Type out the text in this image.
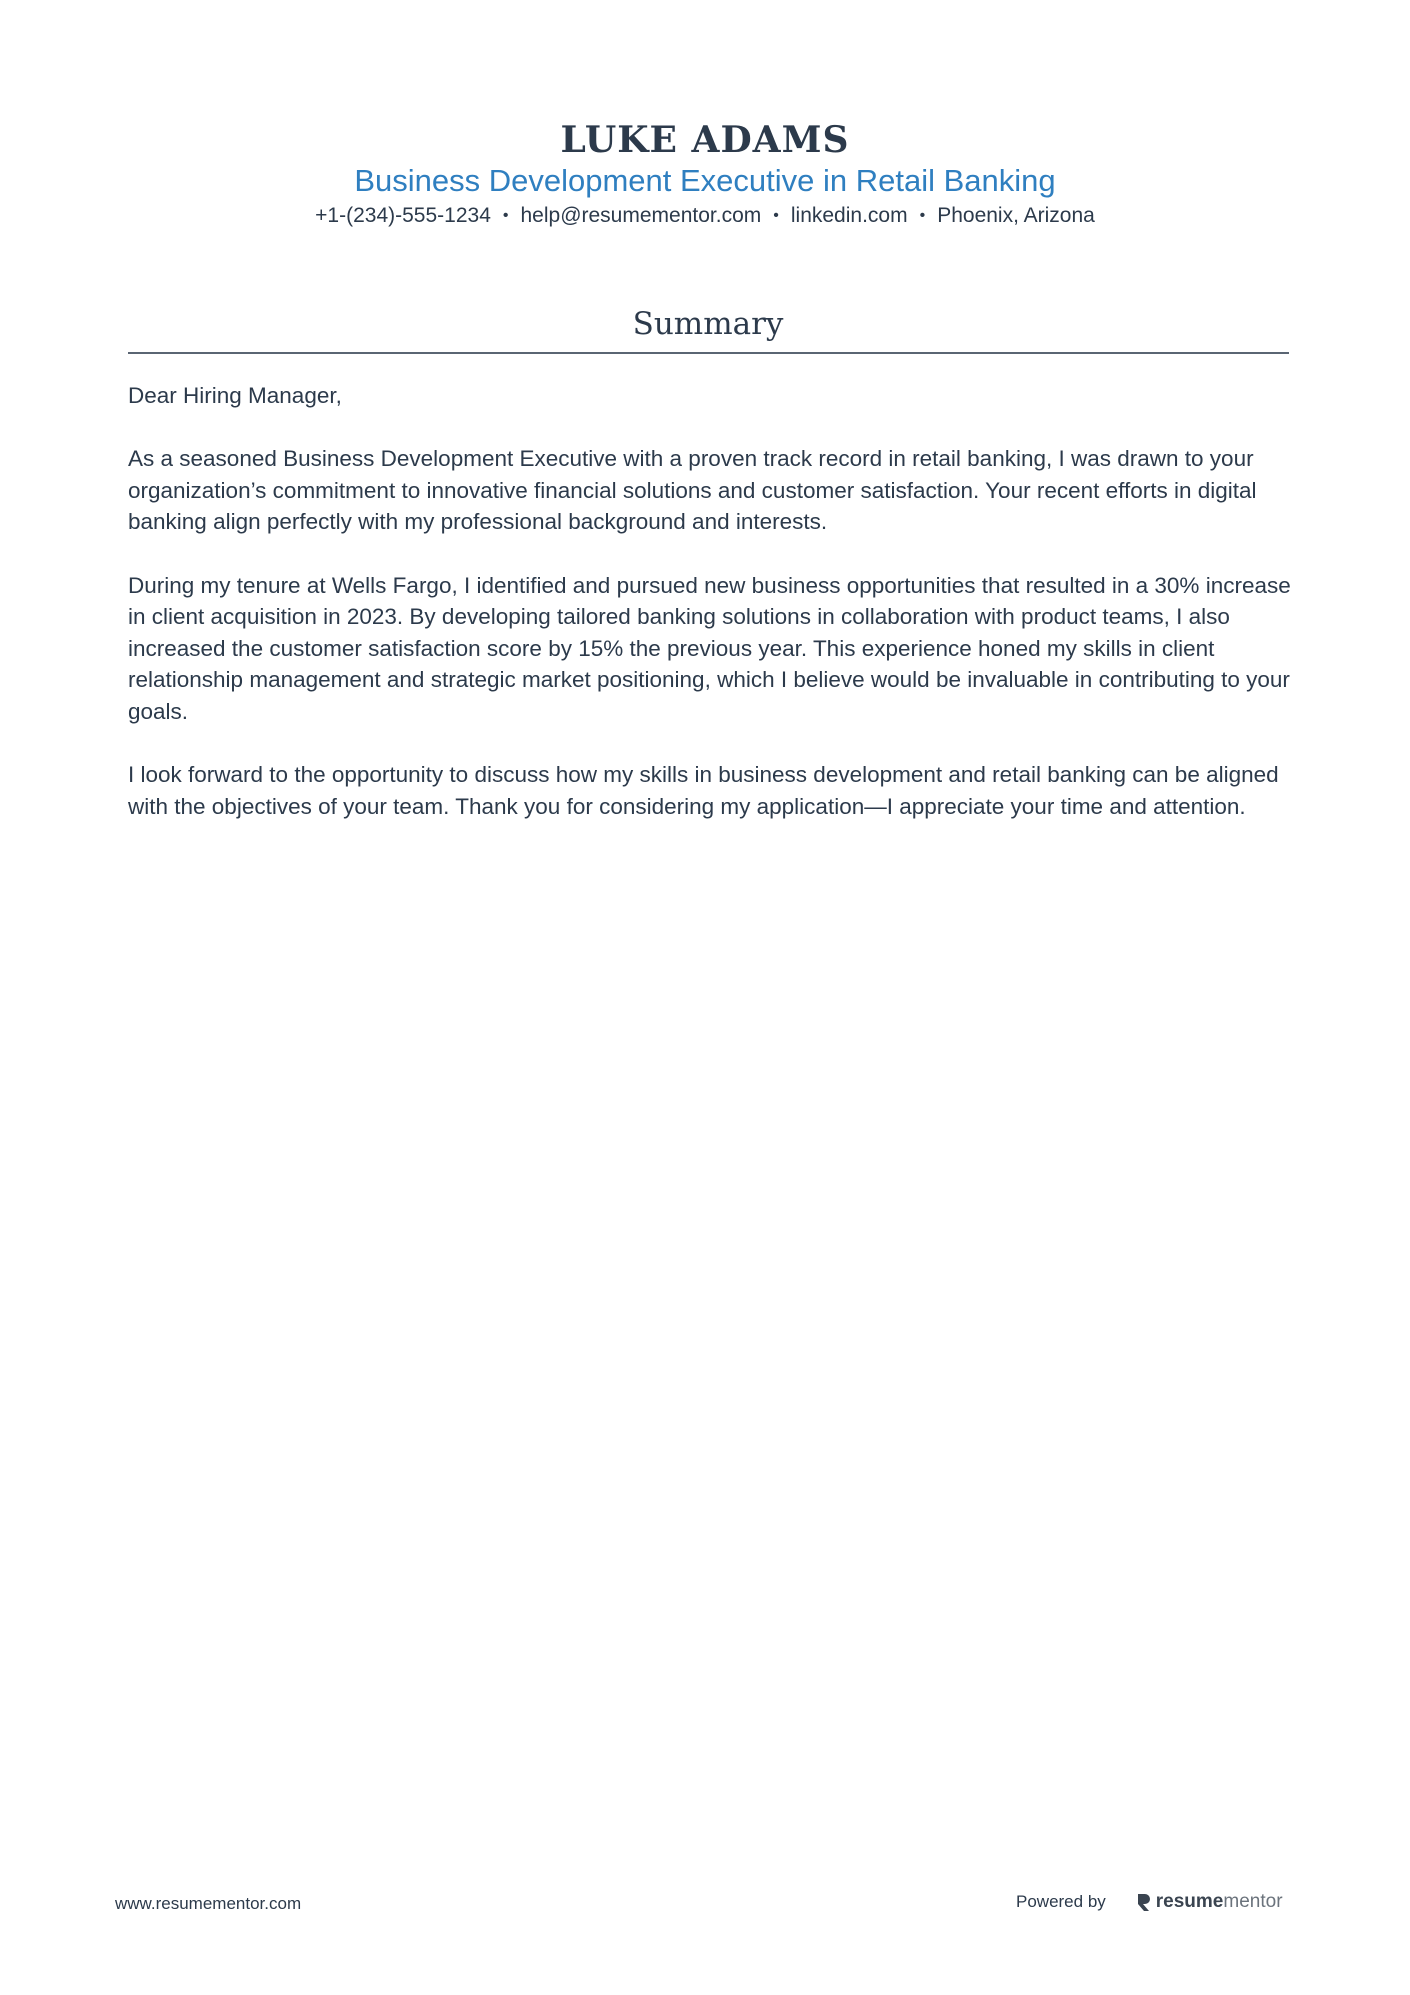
LUKE ADAMS
Business Development Executive in Retail Banking
+1-(234)-555-1234 • help@resumementor.com • linkedin.com • Phoenix, Arizona
Summary

Dear Hiring Manager,

As a seasoned Business Development Executive with a proven track record in retail banking, I was drawn to your organization’s commitment to innovative financial solutions and customer satisfaction. Your recent efforts in digital banking align perfectly with my professional background and interests.

During my tenure at Wells Fargo, I identified and pursued new business opportunities that resulted in a 30% increase in client acquisition in 2023. By developing tailored banking solutions in collaboration with product teams, I also increased the customer satisfaction score by 15% the previous year. This experience honed my skills in client relationship management and strategic market positioning, which I believe would be invaluable in contributing to your goals.

I look forward to the opportunity to discuss how my skills in business development and retail banking can be aligned with the objectives of your team. Thank you for considering my application—I appreciate your time and attention.

www.resumementor.com	Powered by	resumementor
